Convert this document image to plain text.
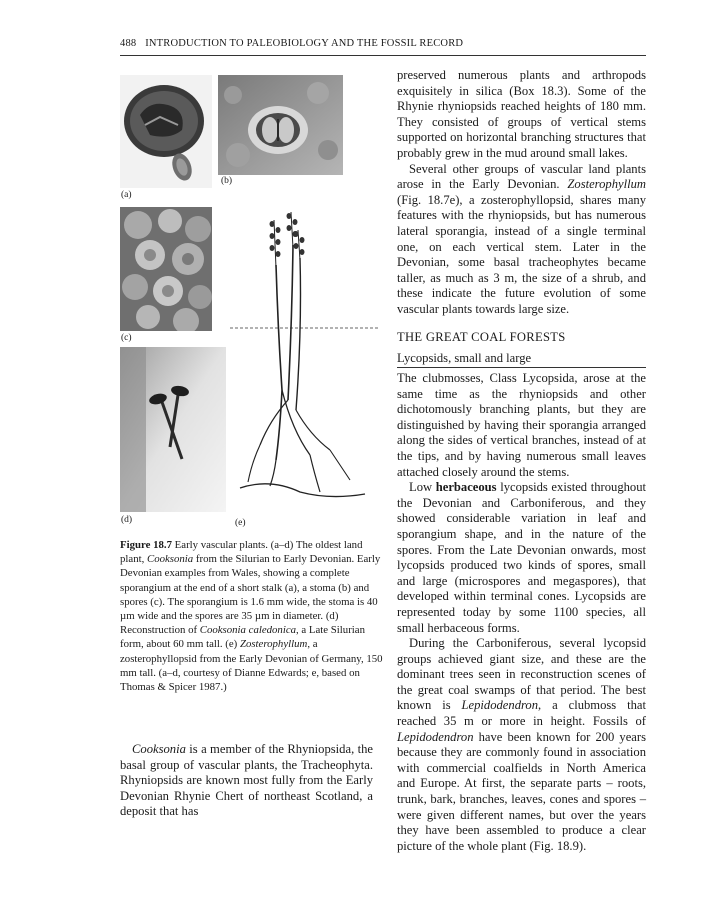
488 INTRODUCTION TO PALEOBIOLOGY AND THE FOSSIL RECORD
(a)
(b)
(c)
(d)	(e)
Figure 18.7 Early vascular plants. (a–d) The oldest land plant, Cooksonia from the Silurian to Early Devonian. Early Devonian examples from Wales, showing a complete sporangium at the end of a short stalk (a), a stoma (b) and spores (c). The sporangium is 1.6 mm wide, the stoma is 40 µm wide and the spores are 35 µm in diameter. (d) Reconstruction of Cooksonia caledonica, a Late Silurian form, about 60 mm tall. (e) Zosterophyllum, a zosterophyllopsid from the Early Devonian of Germany, 150 mm tall. (a–d, courtesy of Dianne Edwards; e, based on Thomas & Spicer 1987.)

Cooksonia is a member of the Rhyniopsida, the basal group of vascular plants, the Tracheophyta. Rhyniopsids are known most fully from the Early Devonian Rhynie Chert of northeast Scotland, a deposit that has

preserved numerous plants and arthropods exquisitely in silica (Box 18.3). Some of the Rhynie rhyniopsids reached heights of 180 mm. They consisted of groups of vertical stems supported on horizontal branching structures that probably grew in the mud around small lakes.

Several other groups of vascular land plants arose in the Early Devonian. Zosterophyllum (Fig. 18.7e), a zosterophyllopsid, shares many features with the rhyniopsids, but has numerous lateral sporangia, instead of a single terminal one, on each vertical stem. Later in the Devonian, some basal tracheophytes became taller, as much as 3 m, the size of a shrub, and these indicate the future evolution of some vascular plants towards large size.

THE GREAT COAL FORESTS
Lycopsids, small and large

The clubmosses, Class Lycopsida, arose at the same time as the rhyniopsids and other dichotomously branching plants, but they are distinguished by having their sporangia arranged along the sides of vertical branches, instead of at the tips, and by having numerous small leaves attached closely around the stems.

Low herbaceous lycopsids existed throughout the Devonian and Carboniferous, and they showed considerable variation in leaf and sporangium shape, and in the nature of the spores. From the Late Devonian onwards, most lycopsids produced two kinds of spores, small and large (microspores and megaspores), that developed within terminal cones. Lycopsids are represented today by some 1100 species, all small herbaceous forms.

During the Carboniferous, several lycopsid groups achieved giant size, and these are the dominant trees seen in reconstruction scenes of the great coal swamps of that period. The best known is Lepidodendron, a clubmoss that reached 35 m or more in height. Fossils of Lepidodendron have been known for 200 years because they are commonly found in association with commercial coalfields in North America and Europe. At first, the separate parts – roots, trunk, bark, branches, leaves, cones and spores – were given different names, but over the years they have been assembled to produce a clear picture of the whole plant (Fig. 18.9).
